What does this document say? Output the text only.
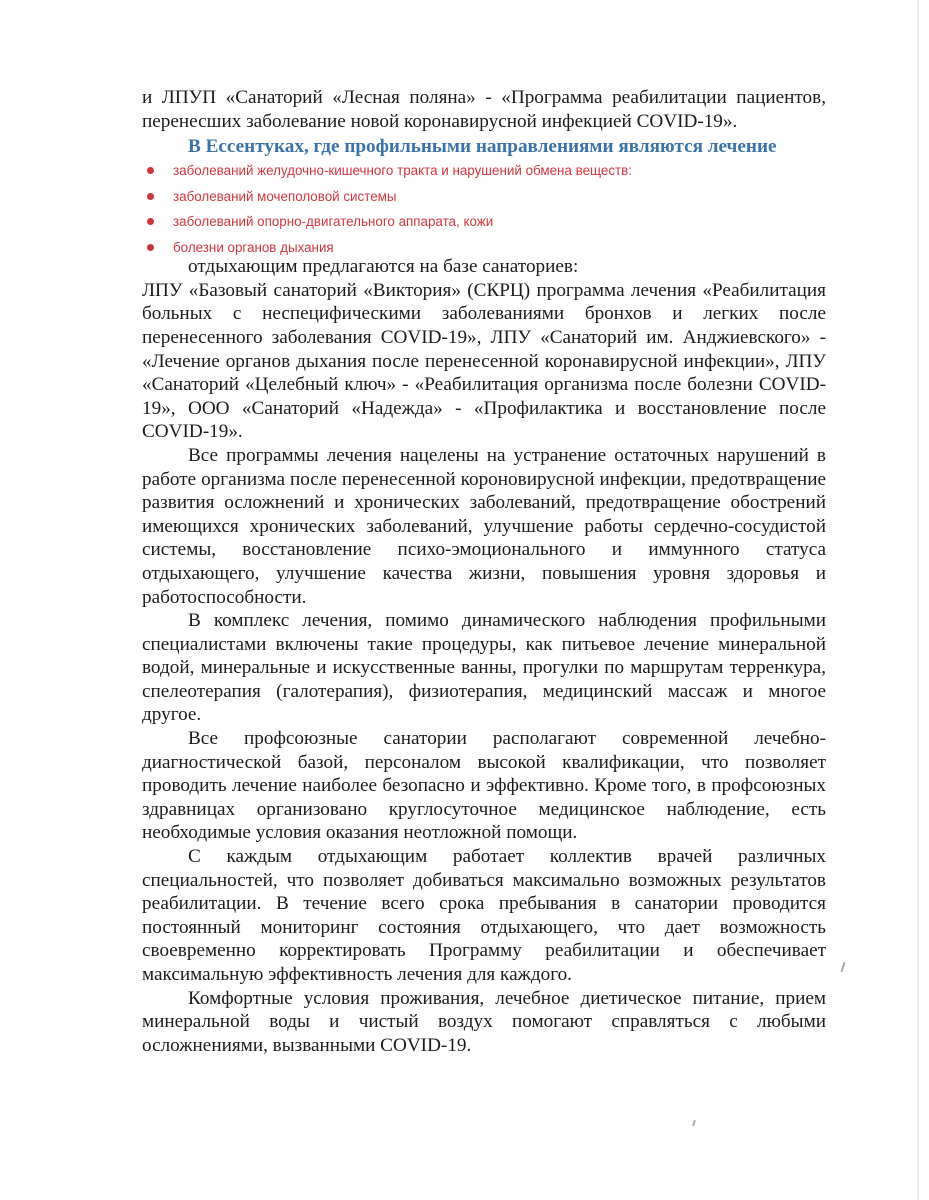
и ЛПУП «Санаторий «Лесная поляна» - «Программа реабилитации пациентов, перенесших заболевание новой коронавирусной инфекцией COVID-19».

В Ессентуках, где профильными направлениями являются лечение
заболеваний желудочно-кишечного тракта и нарушений обмена веществ:
заболеваний мочеполовой системы
заболеваний опорно-двигательного аппарата, кожи
болезни органов дыхания
отдыхающим предлагаются на базе санаториев:

ЛПУ «Базовый санаторий «Виктория» (СКРЦ) программа лечения «Реабилитация больных с неспецифическими заболеваниями бронхов и легких после перенесенного заболевания COVID-19», ЛПУ «Санаторий им. Анджиевского» - «Лечение органов дыхания после перенесенной коронавирусной инфекции», ЛПУ «Санаторий «Целебный ключ» - «Реабилитация организма после болезни COVID-19», ООО «Санаторий «Надежда» - «Профилактика и восстановление после COVID-19».

Все программы лечения нацелены на устранение остаточных нарушений в работе организма после перенесенной короновирусной инфекции, предотвращение развития осложнений и хронических заболеваний, предотвращение обострений имеющихся хронических заболеваний, улучшение работы сердечно-сосудистой системы, восстановление психо-эмоционального и иммунного статуса отдыхающего, улучшение качества жизни, повышения уровня здоровья и работоспособности.

В комплекс лечения, помимо динамического наблюдения профильными специалистами включены такие процедуры, как питьевое лечение минеральной водой, минеральные и искусственные ванны, прогулки по маршрутам терренкура, спелеотерапия (галотерапия), физиотерапия, медицинский массаж и многое другое.

Все профсоюзные санатории располагают современной лечебно-диагностической базой, персоналом высокой квалификации, что позволяет проводить лечение наиболее безопасно и эффективно. Кроме того, в профсоюзных здравницах организовано круглосуточное медицинское наблюдение, есть необходимые условия оказания неотложной помощи.

С каждым отдыхающим работает коллектив врачей различных специальностей, что позволяет добиваться максимально возможных результатов реабилитации. В течение всего срока пребывания в санатории проводится постоянный мониторинг состояния отдыхающего, что дает возможность своевременно корректировать Программу реабилитации и обеспечивает максимальную эффективность лечения для каждого.

Комфортные условия проживания, лечебное диетическое питание, прием минеральной воды и чистый воздух помогают справляться с любыми осложнениями, вызванными COVID-19.
